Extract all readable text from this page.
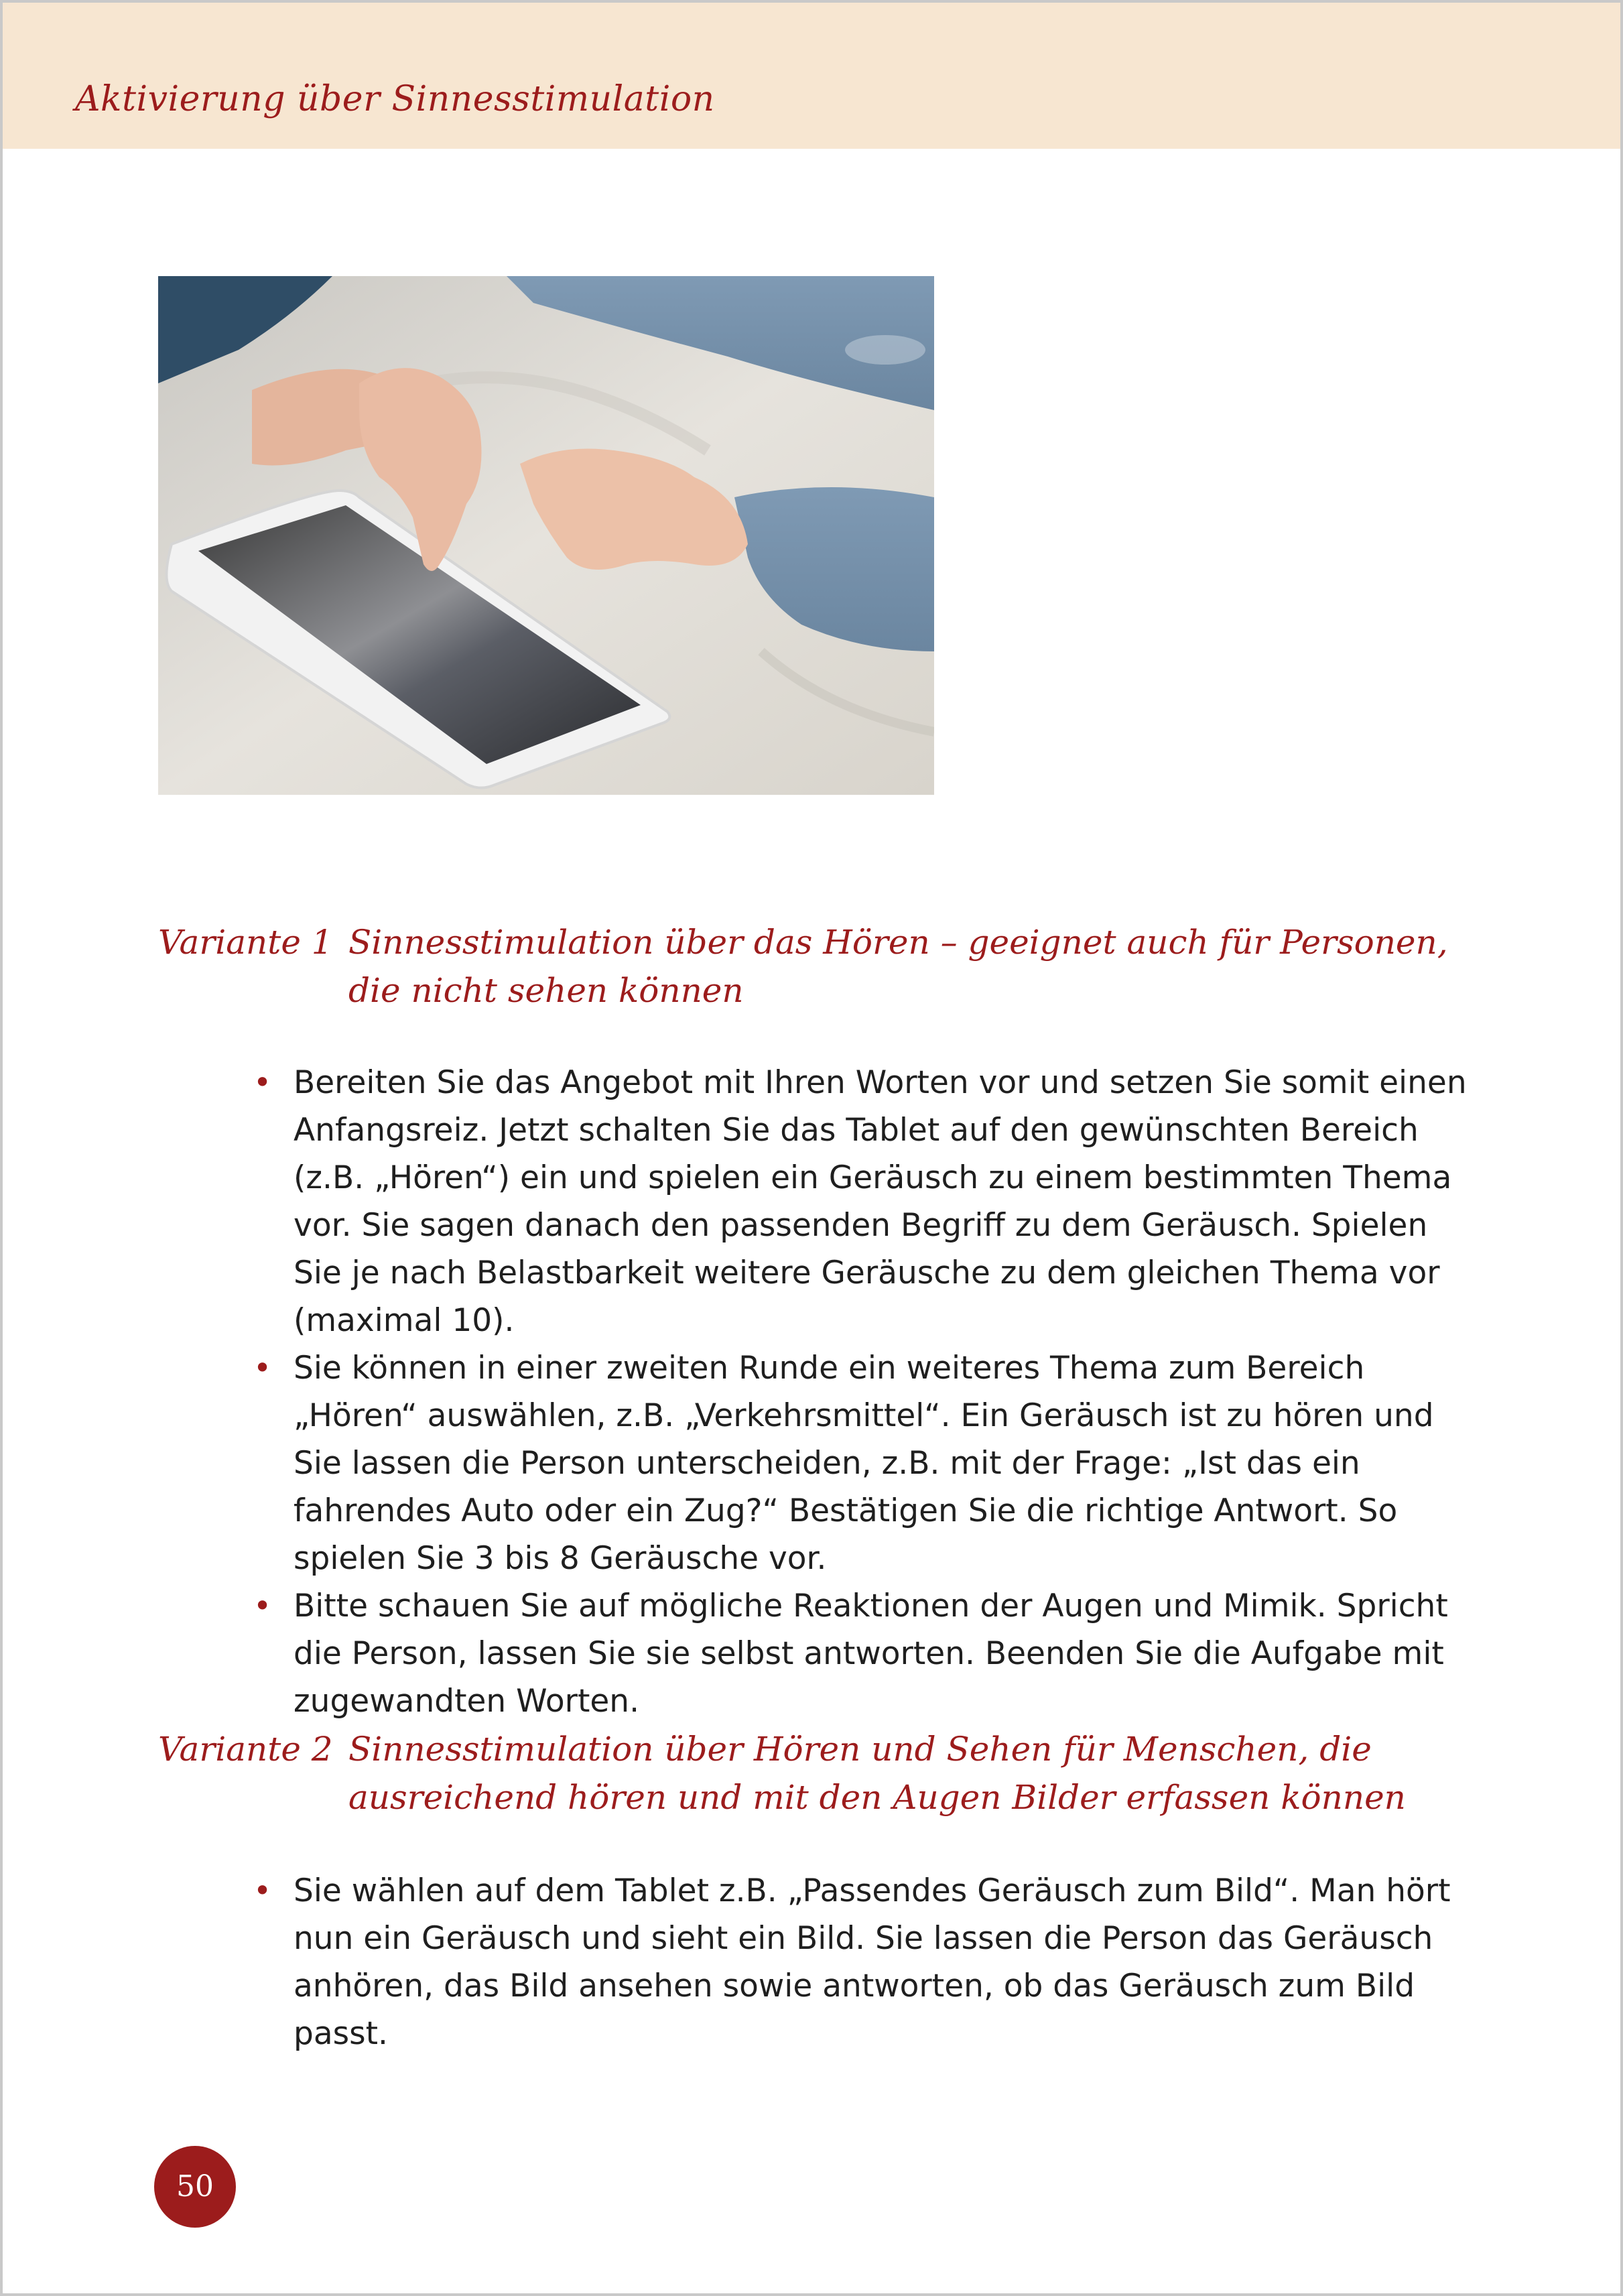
Aktivierung über Sinnesstimulation
Variante 1 Sinnesstimulation über das Hören – geeignet auch für Personen, die nicht sehen können
• Bereiten Sie das Angebot mit Ihren Worten vor und setzen Sie somit einen Anfangsreiz. Jetzt schalten Sie das Tablet auf den gewünschten Bereich (z.B. „Hören“) ein und spielen ein Geräusch zu einem bestimmten Thema vor. Sie sagen danach den passenden Begriff zu dem Geräusch. Spielen Sie je nach Belastbarkeit weitere Geräusche zu dem gleichen Thema vor (maximal 10).
• Sie können in einer zweiten Runde ein weiteres Thema zum Bereich „Hören“ auswählen, z.B. „Verkehrsmittel“. Ein Geräusch ist zu hören und Sie lassen die Person unterscheiden, z.B. mit der Frage: „Ist das ein fahrendes Auto oder ein Zug?“ Bestätigen Sie die richtige Antwort. So spielen Sie 3 bis 8 Geräusche vor.
• Bitte schauen Sie auf mögliche Reaktionen der Augen und Mimik. Spricht die Person, lassen Sie sie selbst antworten. Beenden Sie die Aufgabe mit zugewandten Worten.
Variante 2 Sinnesstimulation über Hören und Sehen für Menschen, die ausreichend hören und mit den Augen Bilder erfassen können
• Sie wählen auf dem Tablet z.B. „Passendes Geräusch zum Bild“. Man hört nun ein Geräusch und sieht ein Bild. Sie lassen die Person das Geräusch anhören, das Bild ansehen sowie antworten, ob das Geräusch zum Bild passt.
50
